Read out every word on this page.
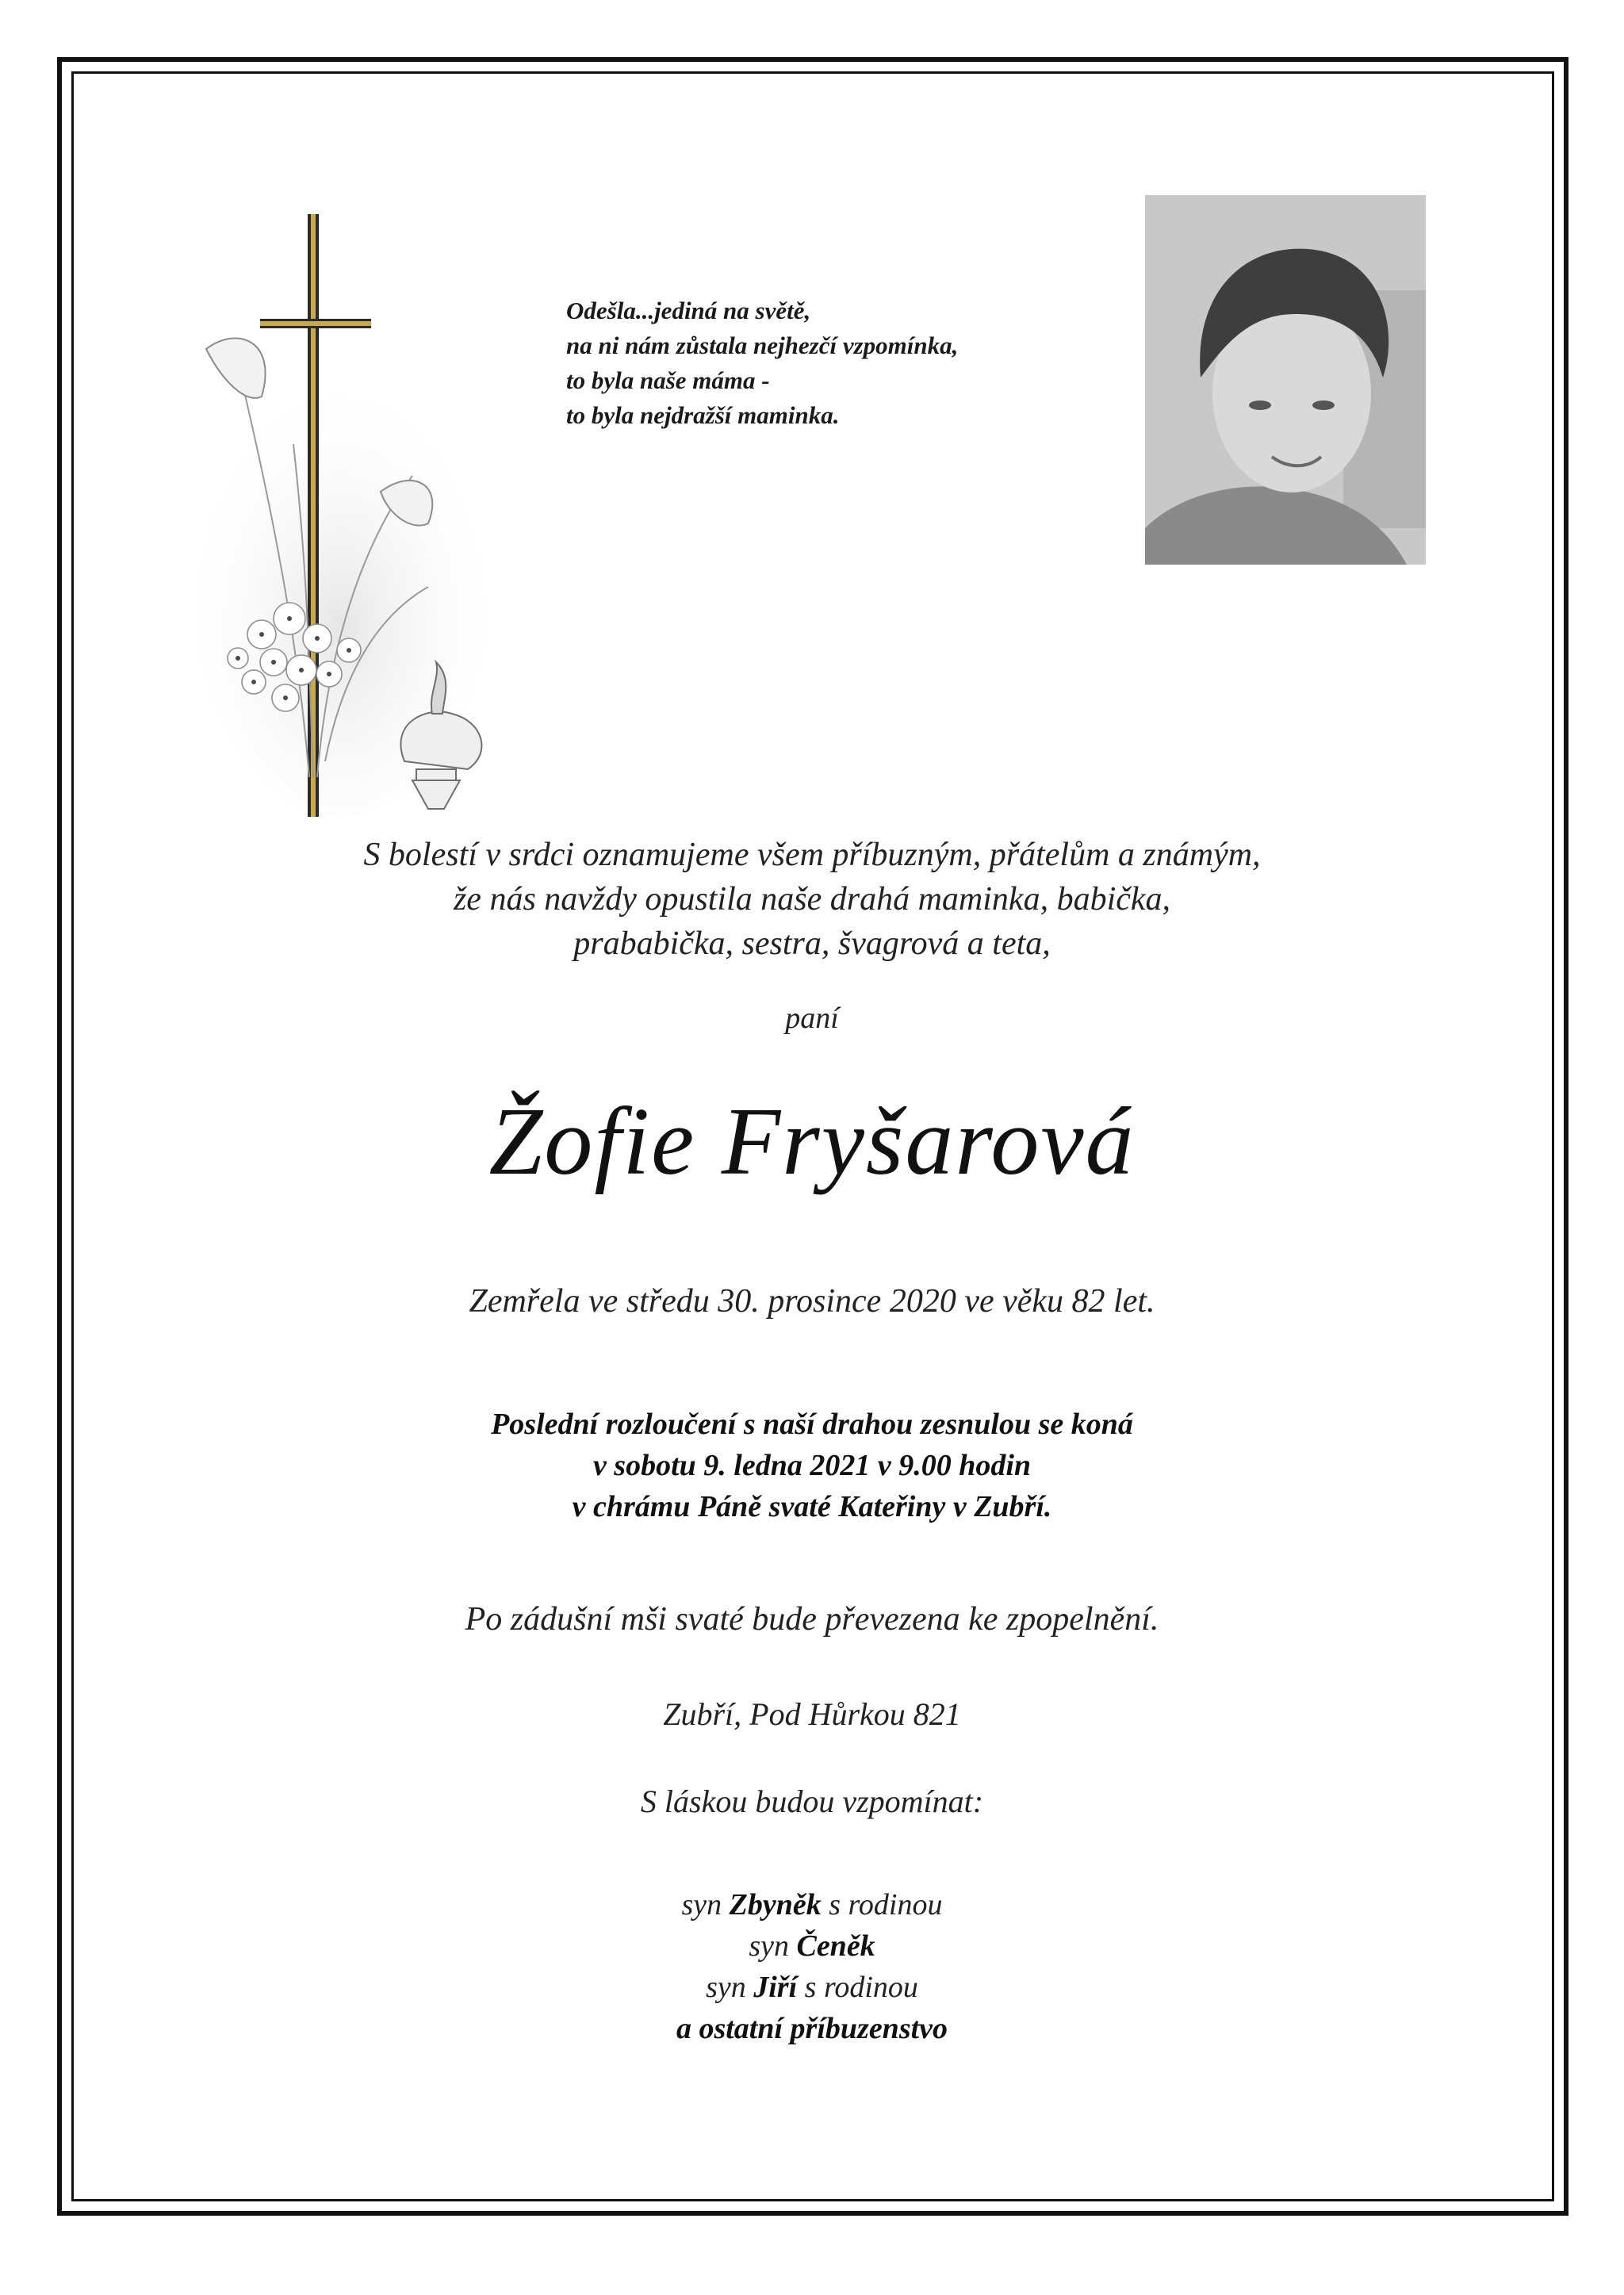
Odešla...jediná na světě,
na ni nám zůstala nejhezčí vzpomínka,
to byla naše máma -
to byla nejdražší maminka.
S bolestí v srdci oznamujeme všem příbuzným, přátelům a známým,
že nás navždy opustila naše drahá maminka, babička,
prababička, sestra, švagrová a teta,
paní
Žofie Fryšarová
Zemřela ve středu 30. prosince 2020 ve věku 82 let.
Poslední rozloučení s naší drahou zesnulou se koná
v sobotu 9. ledna 2021 v 9.00 hodin
v chrámu Páně svaté Kateřiny v Zubří.
Po zádušní mši svaté bude převezena ke zpopelnění.
Zubří, Pod Hůrkou 821
S láskou budou vzpomínat:
syn Zbyněk s rodinou
syn Čeněk
syn Jiří s rodinou
a ostatní příbuzenstvo
